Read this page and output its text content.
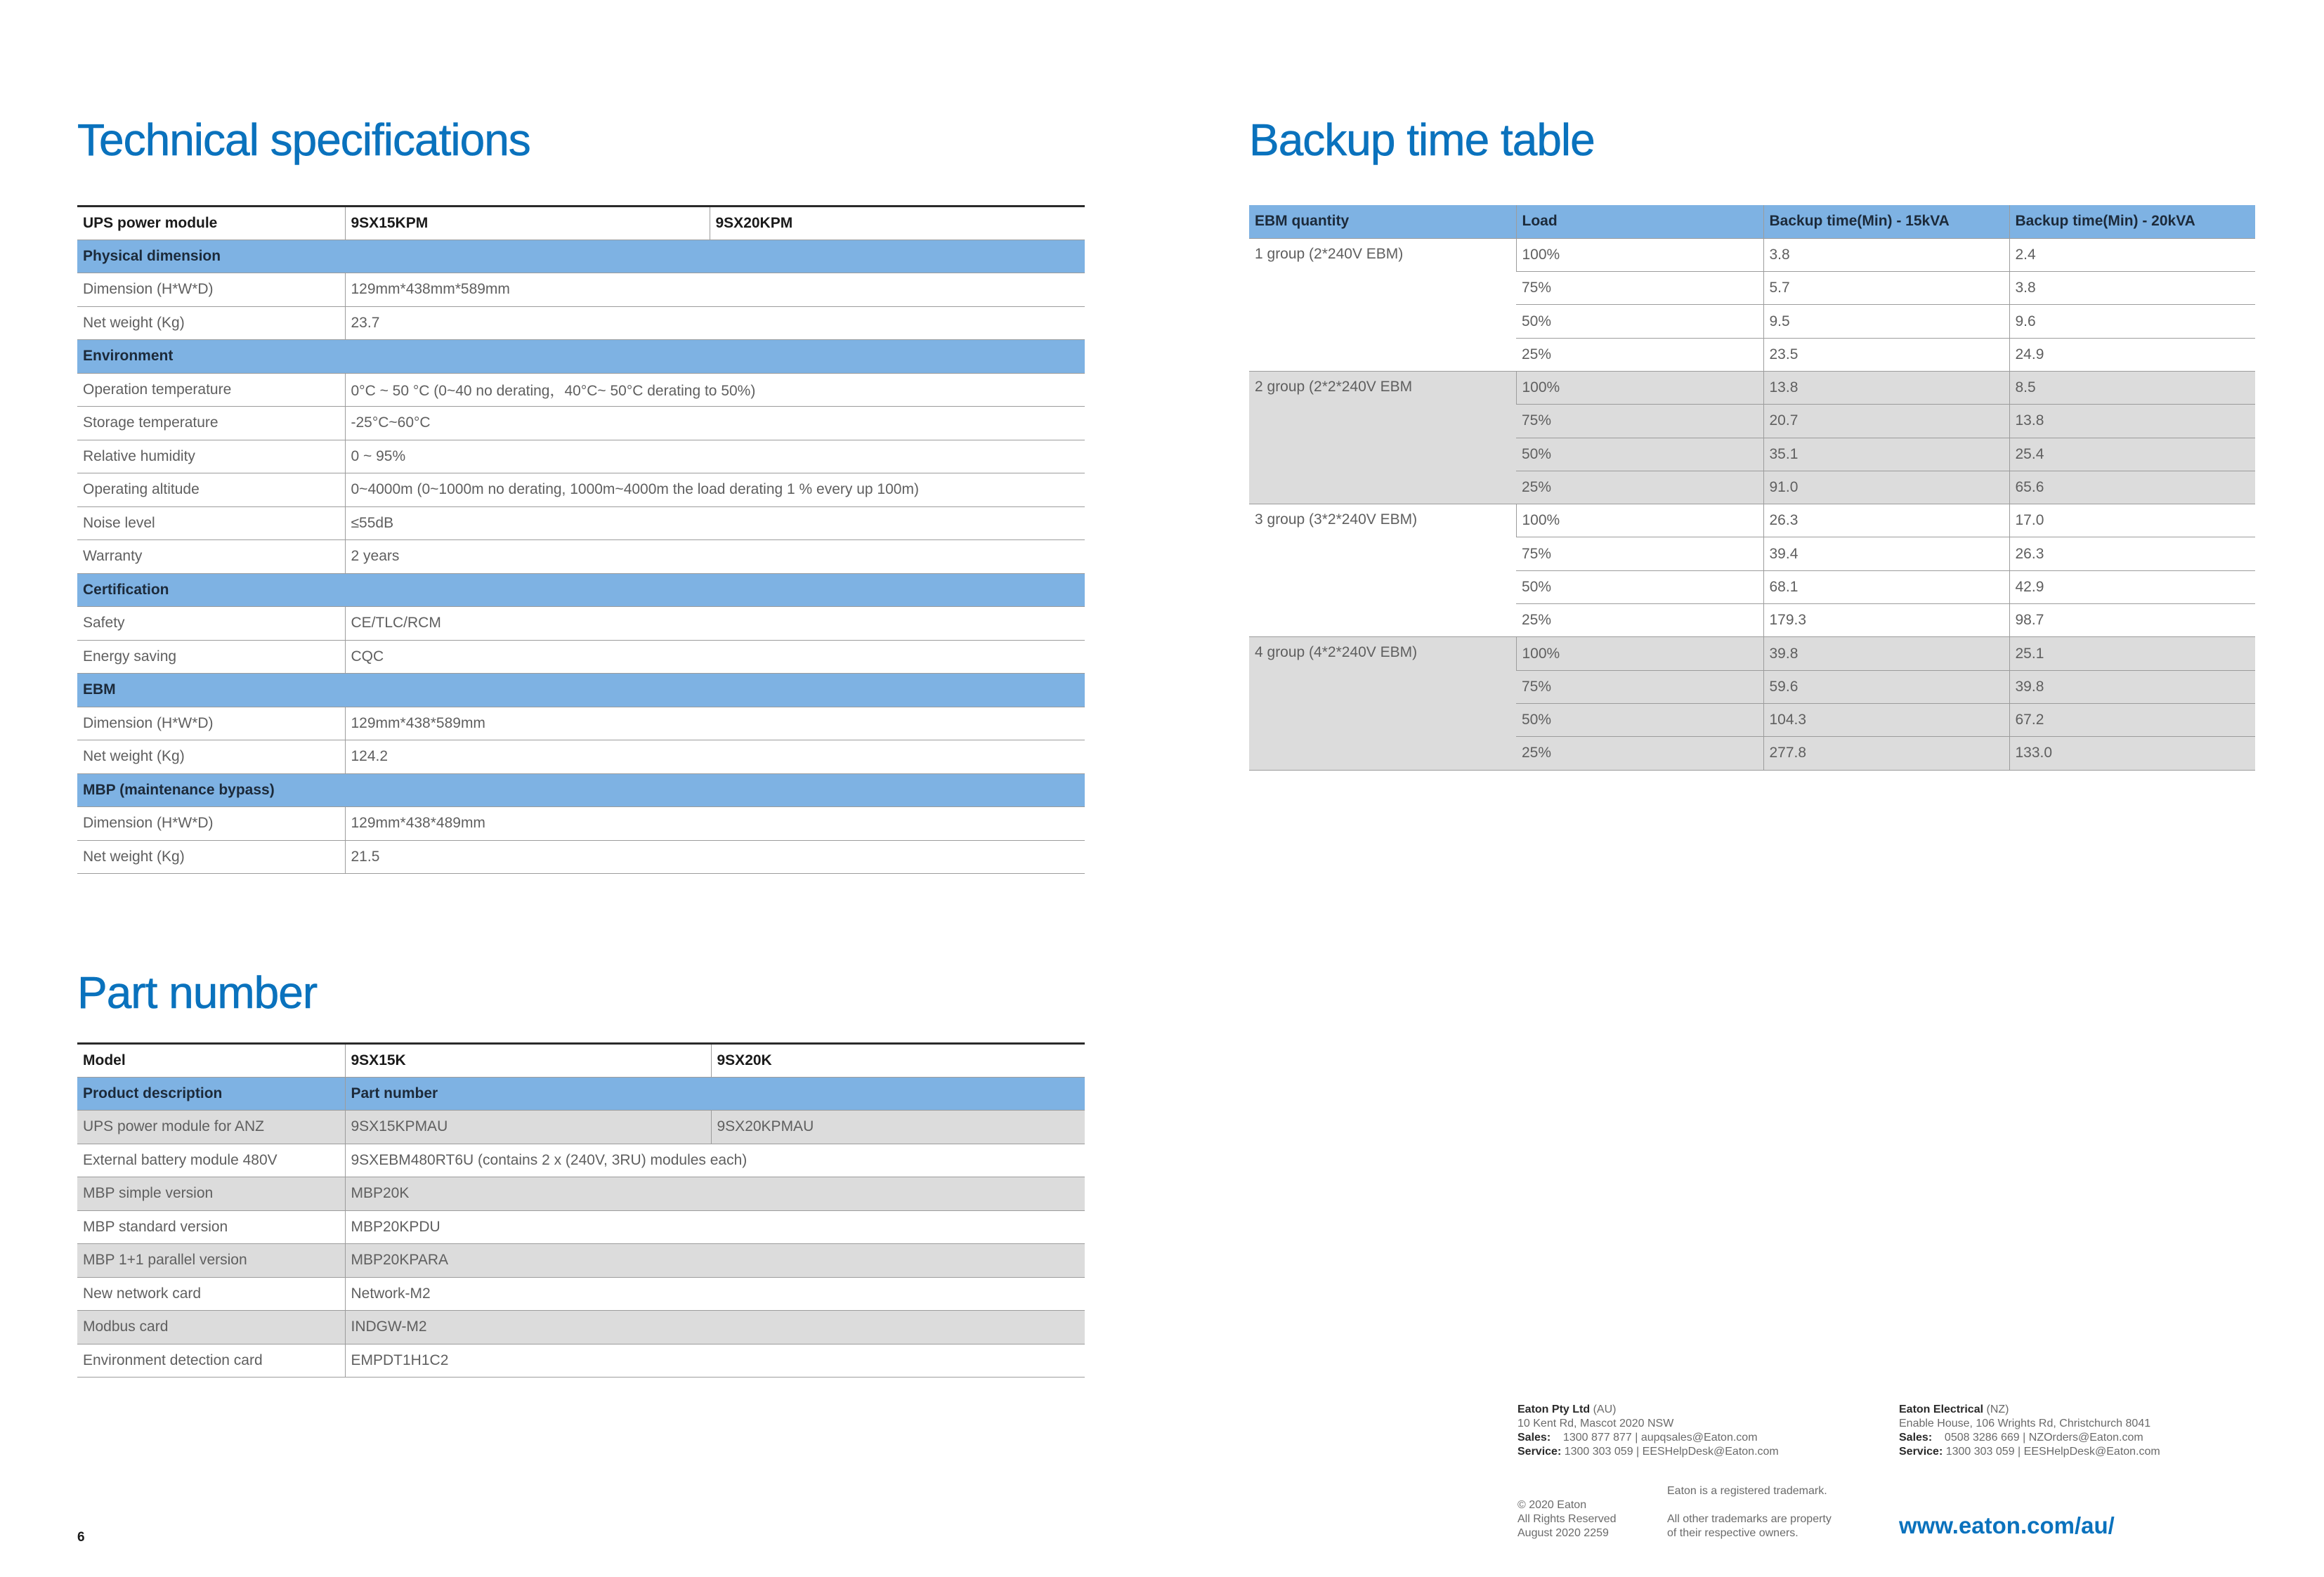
Technical specifications
UPS power module	9SX15KPM	9SX20KPM
Physical dimension		
Dimension (H*W*D)	129mm*438mm*589mm	
Net weight (Kg)	23.7	
Environment		
Operation temperature	0°C ~ 50 °C (0~40 no derating，40°C~ 50°C derating to 50%)	
Storage temperature	-25°C~60°C	
Relative humidity	0 ~ 95%	
Operating altitude	0~4000m (0~1000m no derating, 1000m~4000m the load derating 1 % every up 100m)	
Noise level	≤55dB	
Warranty	2 years	
Certification		
Safety	CE/TLC/RCM	
Energy saving	CQC	
EBM		
Dimension (H*W*D)	129mm*438*589mm	
Net weight (Kg)	124.2	
MBP (maintenance bypass)		
Dimension (H*W*D)	129mm*438*489mm	
Net weight (Kg)	21.5	
Part number
Model	9SX15K	9SX20K
Product description	Part number	
UPS power module for ANZ	9SX15KPMAU	9SX20KPMAU
External battery module 480V	9SXEBM480RT6U (contains 2 x (240V, 3RU) modules each)	
MBP simple version	MBP20K	
MBP standard version	MBP20KPDU	
MBP 1+1 parallel version	MBP20KPARA	
New network card	Network-M2	
Modbus card	INDGW-M2	
Environment detection card	EMPDT1H1C2	
Backup time table
EBM quantity	Load	Backup time(Min) - 15kVA	Backup time(Min) - 20kVA
1 group (2*240V EBM)	100%	3.8	2.4
	75%	5.7	3.8
	50%	9.5	9.6
	25%	23.5	24.9
2 group (2*2*240V EBM	100%	13.8	8.5
	75%	20.7	13.8
	50%	35.1	25.4
	25%	91.0	65.6
3 group (3*2*240V EBM)	100%	26.3	17.0
	75%	39.4	26.3
	50%	68.1	42.9
	25%	179.3	98.7
4 group (4*2*240V EBM)	100%	39.8	25.1
	75%	59.6	39.8
	50%	104.3	67.2
	25%	277.8	133.0
Eaton Pty Ltd (AU)
10 Kent Rd, Mascot 2020 NSW
Sales: 1300 877 877 | aupqsales@Eaton.com
Service: 1300 303 059 | EESHelpDesk@Eaton.com
Eaton Electrical (NZ)
Enable House, 106 Wrights Rd, Christchurch 8041
Sales: 0508 3286 669 | NZOrders@Eaton.com
Service: 1300 303 059 | EESHelpDesk@Eaton.com
© 2020 Eaton
All Rights Reserved
August 2020 2259
Eaton is a registered trademark.
All other trademarks are property
of their respective owners.	www.eaton.com/au/
6
